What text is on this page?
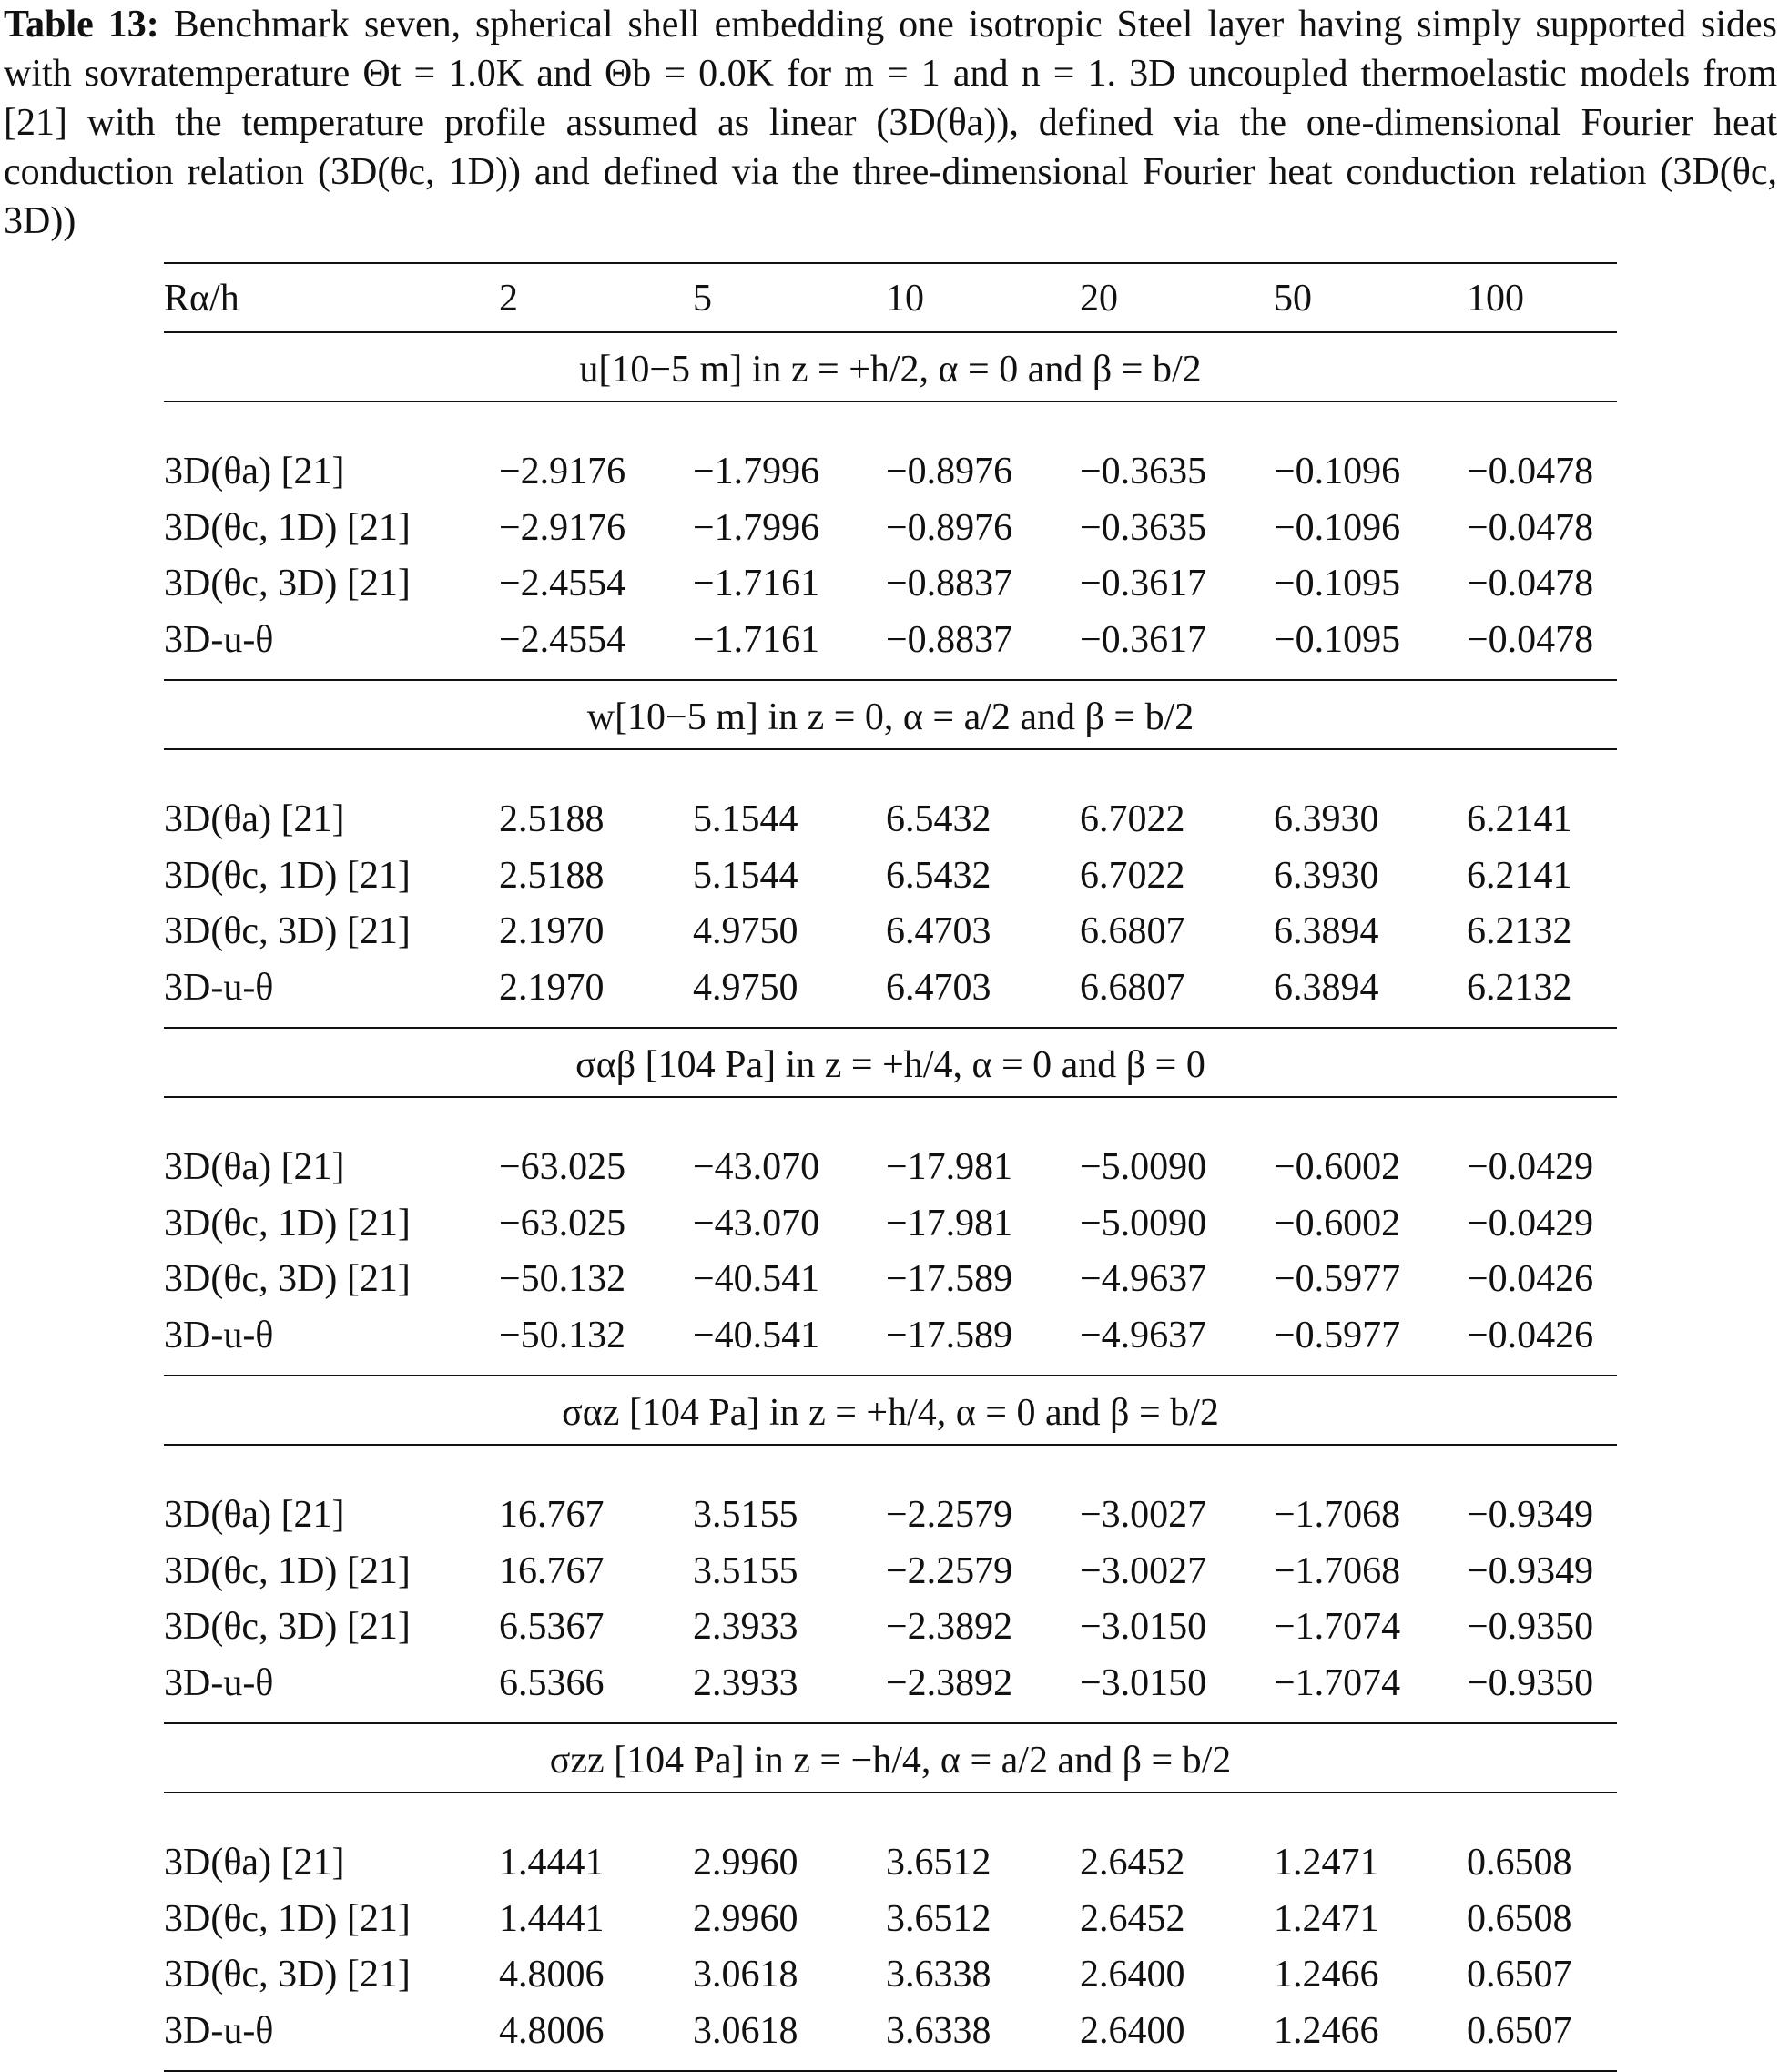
Table 13: Benchmark seven, spherical shell embedding one isotropic Steel layer having simply supported sides with sovratemperature Θt = 1.0K and Θb = 0.0K for m = 1 and n = 1. 3D uncoupled thermoelastic models from [21] with the temperature profile assumed as linear (3D(θa)), defined via the one-dimensional Fourier heat conduction relation (3D(θc, 1D)) and defined via the three-dimensional Fourier heat conduction relation (3D(θc, 3D))
Rα/h	2	5	10	20	50	100
u[10−5 m] in z = +h/2, α = 0 and β = b/2
3D(θa) [21]	−2.9176 −1.7996 −0.8976 −0.3635 −0.1096 −0.0478
3D(θc, 1D) [21] −2.9176 −1.7996 −0.8976 −0.3635 −0.1096 −0.0478
3D(θc, 3D) [21] −2.4554 −1.7161 −0.8837 −0.3617 −0.1095 −0.0478
3D-u-θ	−2.4554 −1.7161 −0.8837 −0.3617 −0.1095 −0.0478
w[10−5 m] in z = 0, α = a/2 and β = b/2
3D(θa) [21]	2.5188 5.1544 6.5432 6.7022 6.3930 6.2141
3D(θc, 1D) [21] 2.5188 5.1544 6.5432 6.7022 6.3930 6.2141
3D(θc, 3D) [21] 2.1970 4.9750 6.4703 6.6807 6.3894 6.2132
3D-u-θ	2.1970 4.9750 6.4703 6.6807 6.3894 6.2132
σαβ [104 Pa] in z = +h/4, α = 0 and β = 0
3D(θa) [21]	−63.025 −43.070 −17.981 −5.0090 −0.6002 −0.0429
3D(θc, 1D) [21] −63.025 −43.070 −17.981 −5.0090 −0.6002 −0.0429
3D(θc, 3D) [21] −50.132 −40.541 −17.589 −4.9637 −0.5977 −0.0426
3D-u-θ	−50.132 −40.541 −17.589 −4.9637 −0.5977 −0.0426
σαz [104 Pa] in z = +h/4, α = 0 and β = b/2
3D(θa) [21]	16.767 3.5155 −2.2579 −3.0027 −1.7068 −0.9349
3D(θc, 1D) [21] 16.767 3.5155 −2.2579 −3.0027 −1.7068 −0.9349
3D(θc, 3D) [21] 6.5367 2.3933 −2.3892 −3.0150 −1.7074 −0.9350
3D-u-θ	6.5366 2.3933 −2.3892 −3.0150 −1.7074 −0.9350
σzz [104 Pa] in z = −h/4, α = a/2 and β = b/2
3D(θa) [21]	1.4441 2.9960 3.6512 2.6452 1.2471 0.6508
3D(θc, 1D) [21] 1.4441 2.9960 3.6512 2.6452 1.2471 0.6508
3D(θc, 3D) [21] 4.8006 3.0618 3.6338 2.6400 1.2466 0.6507
3D-u-θ	4.8006 3.0618 3.6338 2.6400 1.2466 0.6507
